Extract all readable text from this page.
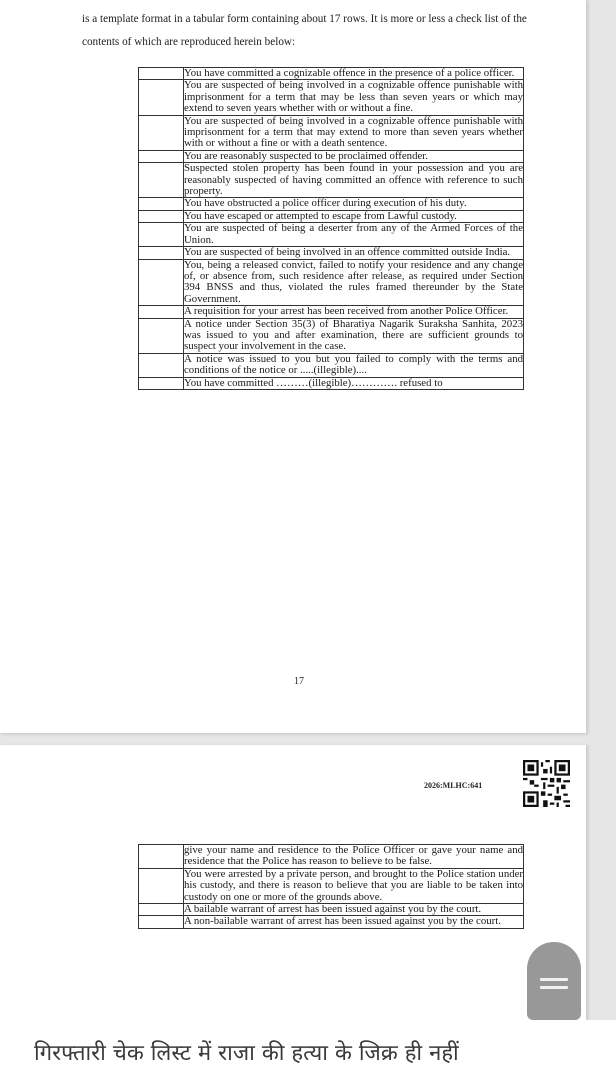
is a template format in a tabular form containing about 17 rows. It is more or less a check list of the contents of which are reproduced herein below:
	You have committed a cognizable offence in the presence of a police officer.
	You are suspected of being involved in a cognizable offence punishable with imprisonment for a term that may be less than seven years or which may extend to seven years whether with or without a fine.
	You are suspected of being involved in a cognizable offence punishable with imprisonment for a term that may extend to more than seven years whether with or without a fine or with a death sentence.
	You are reasonably suspected to be proclaimed offender.
	Suspected stolen property has been found in your possession and you are reasonably suspected of having committed an offence with reference to such property.
	You have obstructed a police officer during execution of his duty.
	You have escaped or attempted to escape from Lawful custody.
	You are suspected of being a deserter from any of the Armed Forces of the Union.
	You are suspected of being involved in an offence committed outside India.
	You, being a released convict, failed to notify your residence and any change of, or absence from, such residence after release, as required under Section 394 BNSS and thus, violated the rules framed thereunder by the State Government.
	A requisition for your arrest has been received from another Police Officer.
	A notice under Section 35(3) of Bharatiya Nagarik Suraksha Sanhita, 2023 was issued to you and after examination, there are sufficient grounds to suspect your involvement in the case.
	A notice was issued to you but you failed to comply with the terms and conditions of the notice or .....(illegible)....
	You have committed ………(illegible)…………. refused to
17
	give your name and residence to the Police Officer or gave your name and residence that the Police has reason to believe to be false.
	You were arrested by a private person, and brought to the Police station under his custody, and there is reason to believe that you are liable to be taken into custody on one or more of the grounds above.
	A bailable warrant of arrest has been issued against you by the court.
	A non-bailable warrant of arrest has been issued against you by the court.
2026:MLHC:641
गिरफ्तारी चेक लिस्ट में राजा की हत्या के जिक्र ही नहीं
